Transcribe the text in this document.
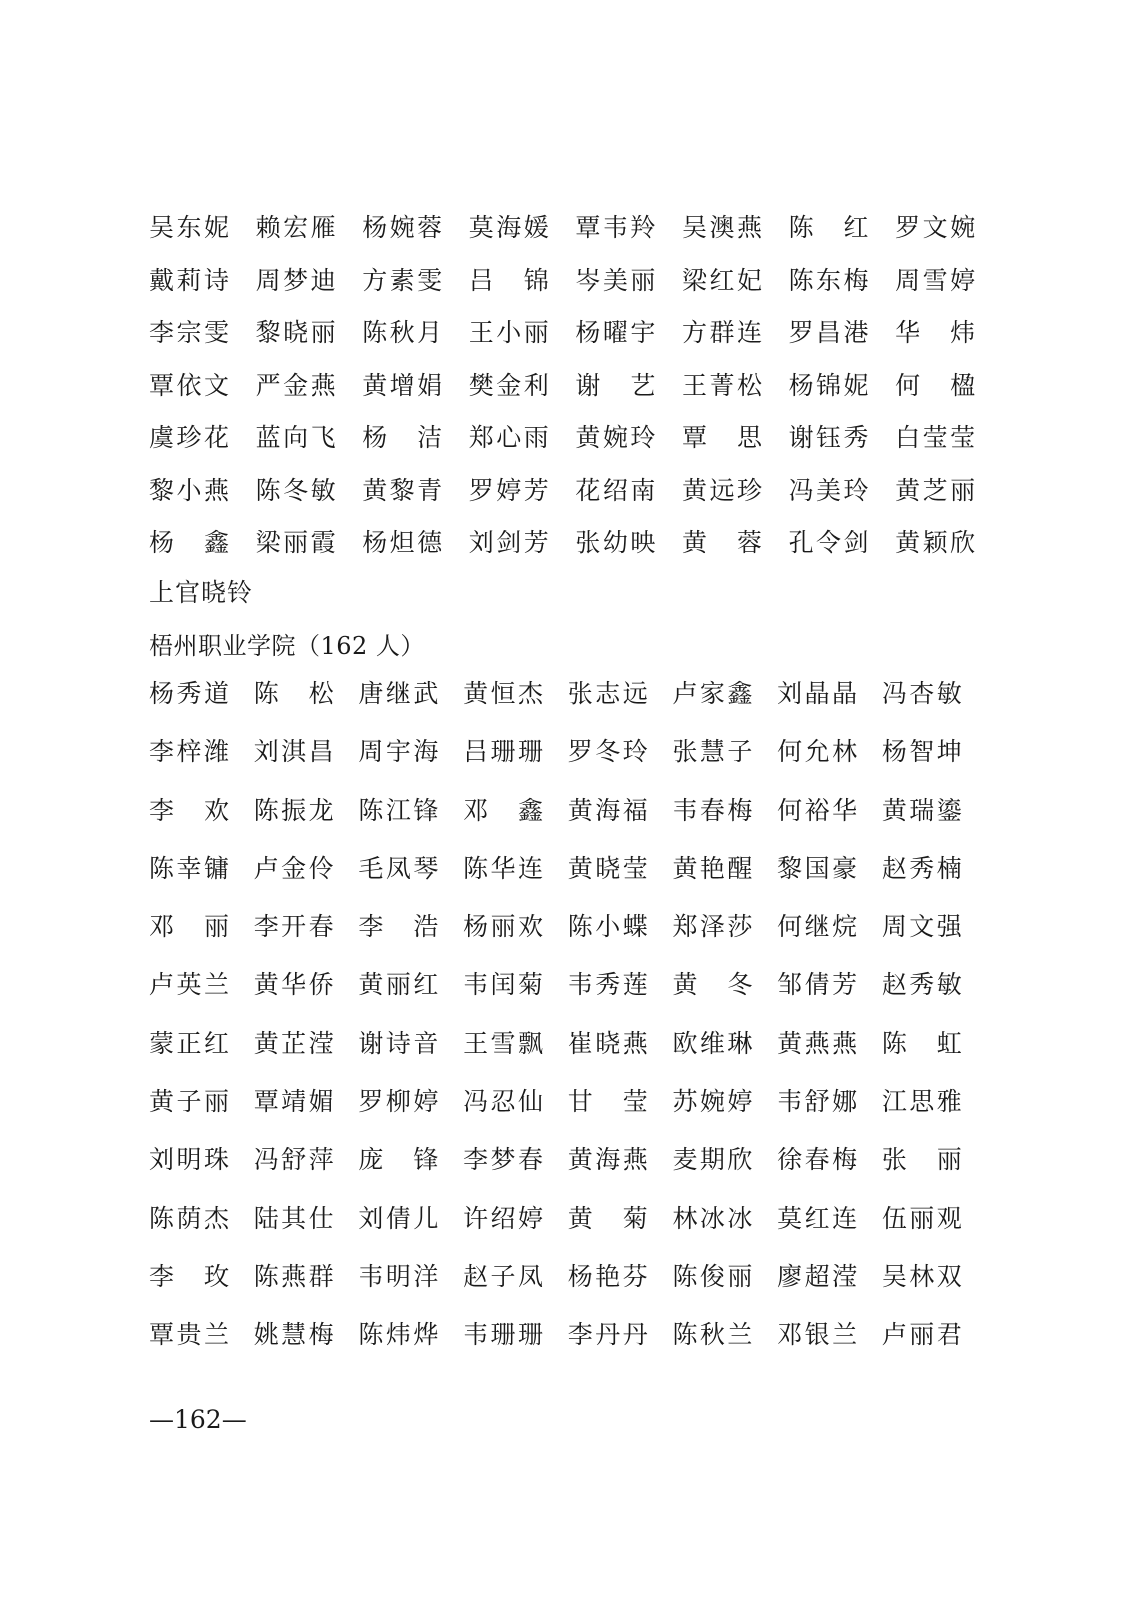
吴东妮 赖宏雁 杨婉蓉 莫海媛 覃韦羚 吴澳燕 陈　红 罗文婉
戴莉诗 周梦迪 方素雯 吕　锦 岑美丽 梁红妃 陈东梅 周雪婷
李宗雯 黎晓丽 陈秋月 王小丽 杨曜宇 方群连 罗昌港 华　炜
覃依文 严金燕 黄增娟 樊金利 谢　艺 王菁松 杨锦妮 何　楹
虞珍花 蓝向飞 杨　洁 郑心雨 黄婉玲 覃　思 谢钰秀 白莹莹
黎小燕 陈冬敏 黄黎青 罗婷芳 花绍南 黄远珍 冯美玲 黄芝丽
杨　鑫 梁丽霞 杨炟德 刘剑芳 张幼映 黄　蓉 孔令剑 黄颖欣
上官晓铃
梧州职业学院（162 人）
杨秀道 陈　松 唐继武 黄恒杰 张志远 卢家鑫 刘晶晶 冯杏敏
李梓潍 刘淇昌 周宇海 吕珊珊 罗冬玲 张慧子 何允林 杨智坤
李　欢 陈振龙 陈江锋 邓　鑫 黄海福 韦春梅 何裕华 黄瑞鎏
陈幸镛 卢金伶 毛凤琴 陈华连 黄晓莹 黄艳醒 黎国豪 赵秀楠
邓　丽 李开春 李　浩 杨丽欢 陈小蝶 郑泽莎 何继烷 周文强
卢英兰 黄华侨 黄丽红 韦闰菊 韦秀莲 黄　冬 邹倩芳 赵秀敏
蒙正红 黄芷滢 谢诗音 王雪飘 崔晓燕 欧维琳 黄燕燕 陈　虹
黄子丽 覃靖媚 罗柳婷 冯忍仙 甘　莹 苏婉婷 韦舒娜 江思雅
刘明珠 冯舒萍 庞　锋 李梦春 黄海燕 麦期欣 徐春梅 张　丽
陈荫杰 陆其仕 刘倩儿 许绍婷 黄　菊 林冰冰 莫红连 伍丽观
李　玫 陈燕群 韦明洋 赵子凤 杨艳芬 陈俊丽 廖超滢 吴林双
覃贵兰 姚慧梅 陈炜烨 韦珊珊 李丹丹 陈秋兰 邓银兰 卢丽君
—162—
